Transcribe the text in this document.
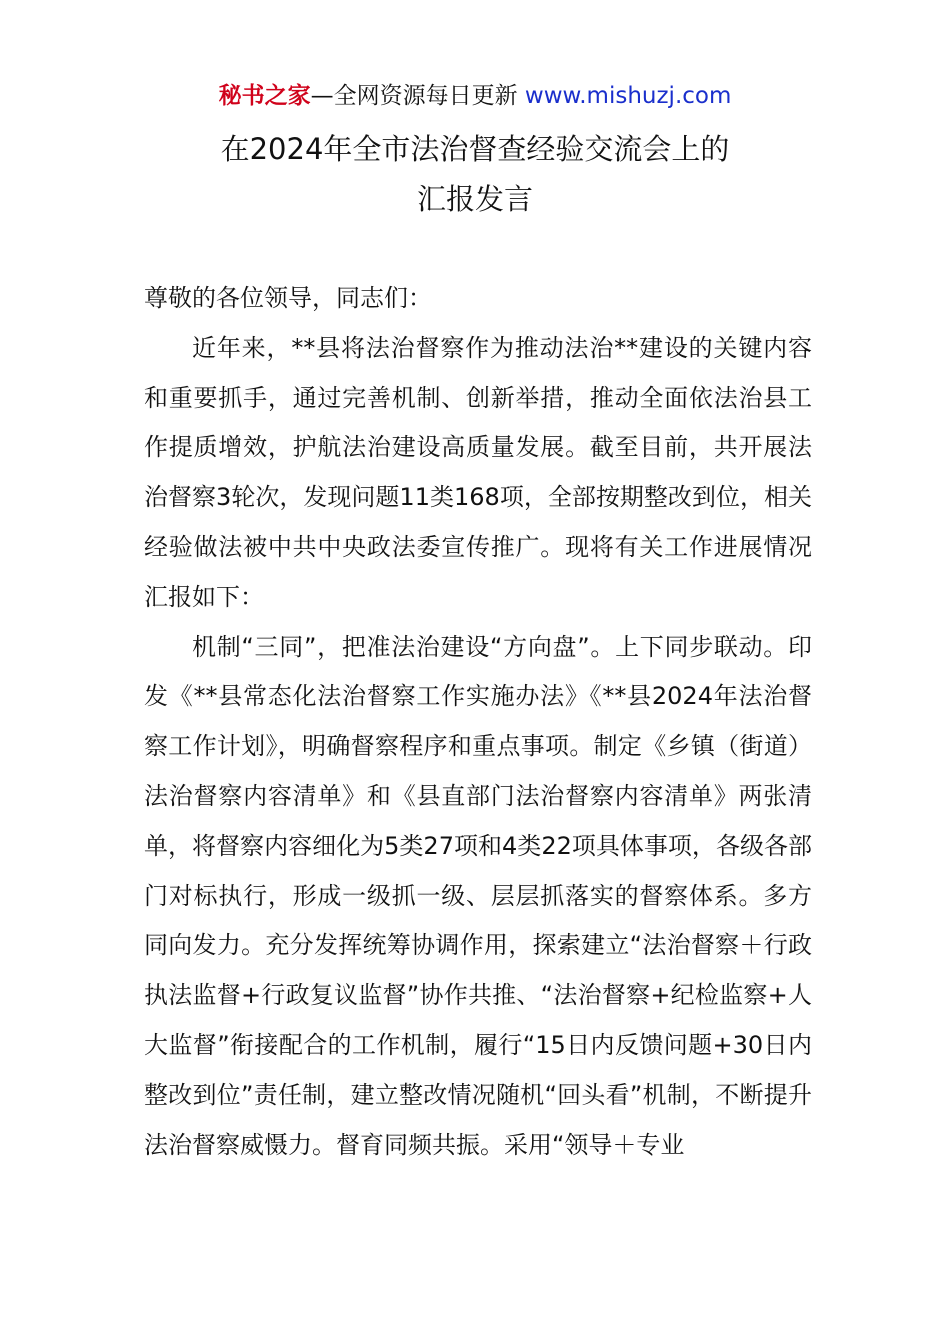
秘书之家—全网资源每日更新 www.mishuzj.com
在2024年全市法治督查经验交流会上的
汇报发言

尊敬的各位领导，同志们：

近年来，**县将法治督察作为推动法治**建设的关键内容和重要抓手，通过完善机制、创新举措，推动全面依法治县工作提质增效，护航法治建设高质量发展。截至目前，共开展法治督察3轮次，发现问题11类168项，全部按期整改到位，相关经验做法被中共中央政法委宣传推广。现将有关工作进展情况汇报如下：

机制“三同”，把准法治建设“方向盘”。上下同步联动。印发《**县常态化法治督察工作实施办法》《**县2024年法治督察工作计划》，明确督察程序和重点事项。制定《乡镇（街道）法治督察内容清单》和《县直部门法治督察内容清单》两张清单，将督察内容细化为5类27项和4类22项具体事项，各级各部门对标执行，形成一级抓一级、层层抓落实的督察体系。多方同向发力。充分发挥统筹协调作用，探索建立“法治督察＋行政执法监督+行政复议监督”协作共推、“法治督察+纪检监察+人大监督”衔接配合的工作机制，履行“15日内反馈问题+30日内整改到位”责任制，建立整改情况随机“回头看”机制，不断提升法治督察威慑力。督育同频共振。采用“领导＋专业
